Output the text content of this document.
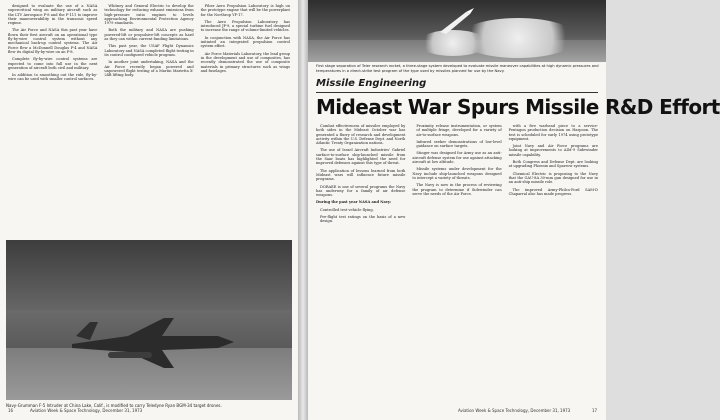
designed to evaluate the use of a NASA supercritical wing on military aircraft such as the LTV Aerospace F-8 and the F-111 to improve their maneuverability in the transonic speed regime.

The Air Force and NASA this past year have flown their first aircraft on an operational type fly-by-wire control system without any mechanical back-up control systems. The Air Force flew a McDonnell Douglas F-4 and NASA flew its digital fly-by-wire on an F-8.

Complete fly-by-wire control systems are expected to come into full use in the next generation of aircraft both civil and military.

In addition to smoothing out the ride, fly-by-wire can be used with smaller control surfaces.

Whitney and General Electric to develop the technology for reducing exhaust emissions from high-pressure ratio engines to levels approaching Environmental Protection Agency 1979 standards.

Both the military and NASA are pushing powered-lift or propulsive-lift concepts as hard as they can within current funding limitations.

This past year, the USAF Flight Dynamics Laboratory and NASA completed flight testing in its control configured vehicle program.

In another joint undertaking, NASA and the Air Force recently began powered and unpowered flight testing of a Martin Marietta X-24B lifting body.

Fiber Aero Propulsion Laboratory is high on the prototype engine that will be the powerplant for the Northrop YF-17.

The Aero Propulsion Laboratory has introduced JP-9, a special turbine fuel designed to increase the range of volume-limited vehicles.

In conjunction with NASA, the Air Force has initiated an integrated propulsion control system effort.

Air Force Materials Laboratory, the lead group in the development and use of composites, has recently demonstrated the use of composite materials in primary structures such as wings and fuselages.

Navy-Grumman F-5 Intruder at China Lake, Calif., is modified to carry Teledyne Ryan BGM-34 target drones.
16	Aviation Week & Space Technology, December 31, 1973
First stage separation of Teler research rocket, a three-stage system developed to evaluate missile maneuver capabilities at high dynamic pressures and temperatures in a direct-strike test program of the type used by missiles planned for use by the Navy.
Missile Engineering
Mideast War Spurs Missile R&D Effort

Combat effectiveness of missiles employed by both sides in the Mideast October war has generated a flurry of research and development activity within the U.S. Defense Dept. and North Atlantic Treaty Organization nations.

The use of Israel Aircraft Industries' Gabriel surface-to-surface ship-launched missile from the Saar boats has highlighted the need for improved defenses against this type of threat.

The application of lessons learned from both Mideast wars will influence future missile programs.

DORAEE is one of several programs the Navy has underway for a family of air defense weapons.

During the past year NASA and Navy:

Controlled test vehicle flying.

Pre-flight test ratings on the basis of a new design.

Proximity release instrumentation, or system of multiple fringe, developed for a variety of air-to-surface weapons.

Infrared seeker demonstrations of low-level guidance on surface targets.

Stinger was designed for Army use as an anti-aircraft defense system for use against attacking aircraft at low altitude.

Missile systems under development for the Navy include ship-launched weapons designed to intercept a variety of threats.

The Navy is now in the process of reviewing the program to determine if Sidewinder can serve the needs of the Air Force.

with a five warhead piece to a service-Pentagon production decision on Harpoon. The test is scheduled for early 1974 using prototype equipment.

Joint Navy and Air Force programs are looking at improvements to AIM-9 Sidewinder missile capability.

Both Congress and Defense Dept. are looking at upgrading Phoenix and Sparrow systems.

Chemical Electric is proposing to the Navy that the GAU-8A 30-mm gun designed for use in an anti-ship missile role.

The improved Army-Philco-Ford SAM-D Chaparral also has made progress.

Aviation Week & Space Technology, December 31, 1973	17
